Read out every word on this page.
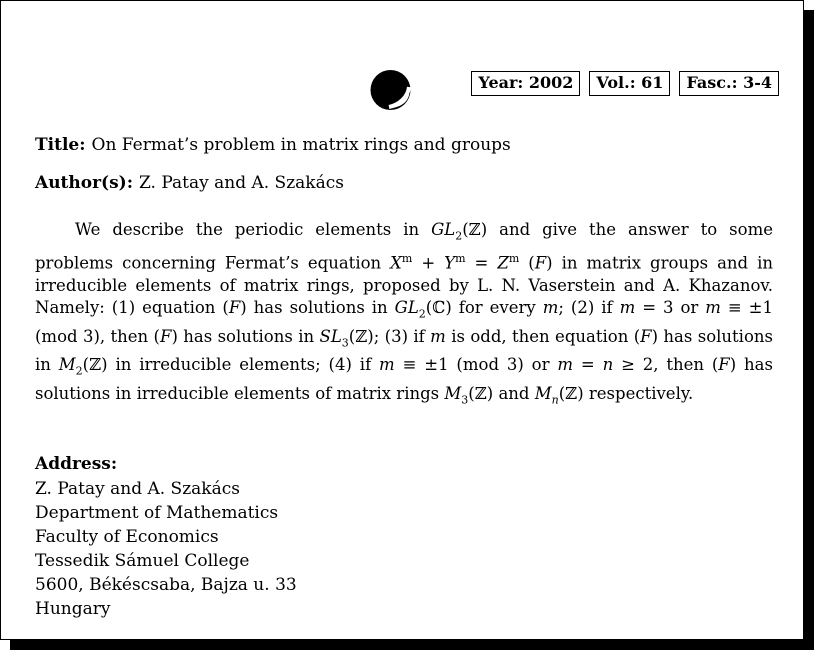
Year: 2002	Vol.: 61	Fasc.: 3-4
Title: On Fermat’s problem in matrix rings and groups
Author(s): Z. Patay and A. Szakács

We describe the periodic elements in $GL_2(ℤ)$ and give the answer to some problems concerning Fermat’s equation $X^m + Y^m = Z^m$ (F) in matrix groups and in irreducible elements of matrix rings, proposed by L. N. Vaserstein and A. Khazanov. Namely: (1) equation (F) has solutions in $GL_2(ℂ)$ for every m; (2) if m = 3 or m ≡ ±1 (mod 3), then (F) has solutions in $SL_3(ℤ)$; (3) if m is odd, then equation (F) has solutions in $M_2(ℤ)$ in irreducible elements; (4) if m ≡ ±1 (mod 3) or m = n ≥ 2, then (F) has solutions in irreducible elements of matrix rings $M_3(ℤ)$ and $M_n(ℤ)$ respectively.

Address:
Z. Patay and A. Szakács
Department of Mathematics
Faculty of Economics
Tessedik Sámuel College
5600, Békéscsaba, Bajza u. 33
Hungary
